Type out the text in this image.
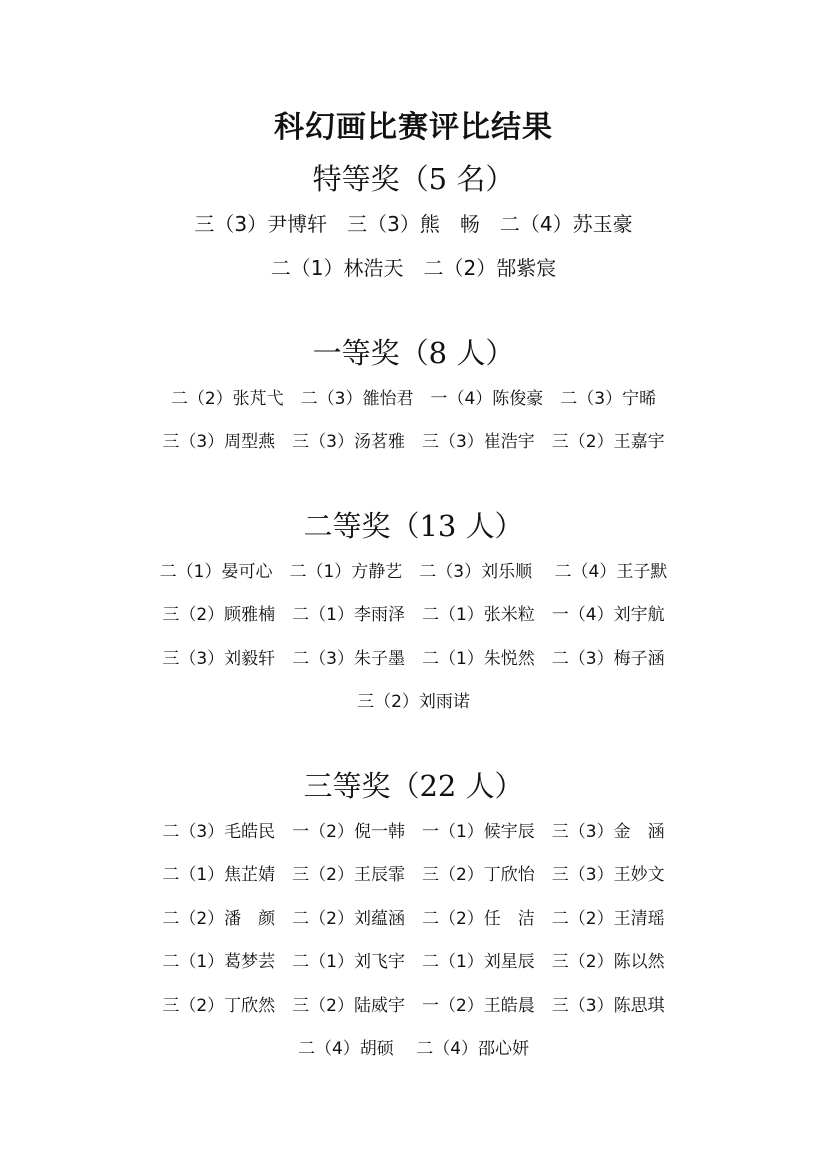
科幻画比赛评比结果
特等奖（5 名）
三（3）尹博轩　三（3）熊　畅　二（4）苏玉豪
二（1）林浩天　二（2）郜紫宸
一等奖（8 人）
二（2）张芃弋　二（3）雒怡君　一（4）陈俊豪　二（3）宁晞
三（3）周型燕　三（3）汤茗雅　三（3）崔浩宇　三（2）王嘉宇
二等奖（13 人）
二（1）晏可心　二（1）方静艺　二（3）刘乐顺　 二（4）王子默
三（2）顾雅楠　二（1）李雨泽　二（1）张米粒　一（4）刘宇航
三（3）刘毅轩　二（3）朱子墨　二（1）朱悦然　二（3）梅子涵
三（2）刘雨诺
三等奖（22 人）
二（3）毛皓民　一（2）倪一韩　一（1）候宇辰　三（3）金　涵
二（1）焦芷婧　三（2）王辰霏　三（2）丁欣怡　三（3）王妙文
二（2）潘　颜　二（2）刘蕴涵　二（2）任　洁　二（2）王清瑶
二（1）葛梦芸　二（1）刘飞宇　二（1）刘星辰　三（2）陈以然
三（2）丁欣然　三（2）陆威宇　一（2）王皓晨　三（3）陈思琪
二（4）胡硕　 二（4）邵心妍
